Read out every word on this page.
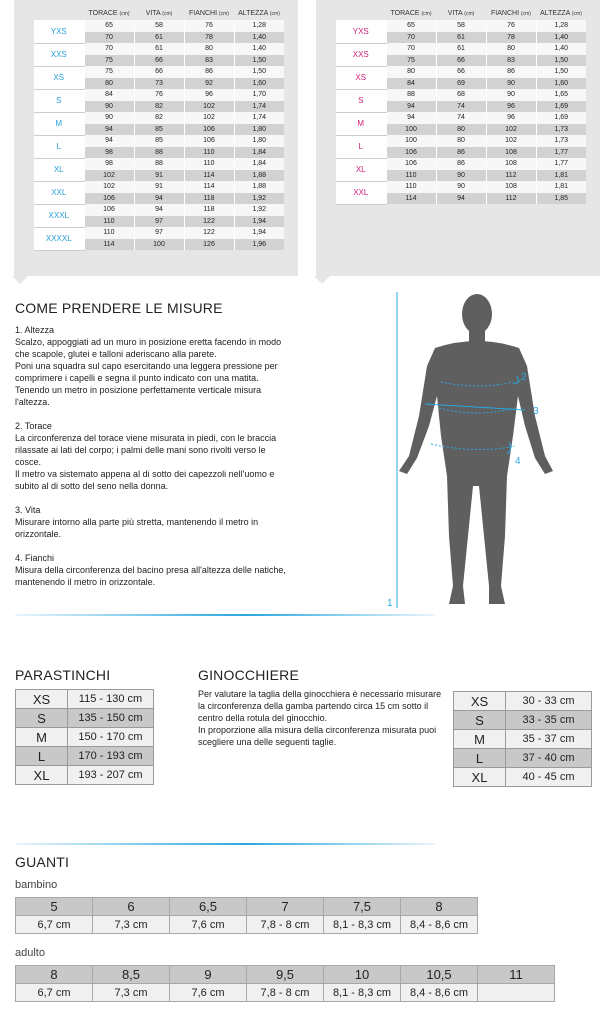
	TORACE (cm)	VITA (cm)	FIANCHI (cm)	ALTEZZA (cm)
YXS	65	58	76	1,28
	70	61	78	1,40
XXS	70	61	80	1,40
	75	66	83	1,50
XS	75	66	86	1,50
	80	73	92	1,60
S	84	76	96	1,70
	90	82	102	1,74
M	90	82	102	1,74
	94	85	106	1,80
L	94	85	106	1,80
	98	88	110	1,84
XL	98	88	110	1,84
	102	91	114	1,88
XXL	102	91	114	1,88
	106	94	118	1,92
XXXL	106	94	118	1,92
	110	97	122	1,94
XXXXL	110	97	122	1,94
	114	100	126	1,96
	TORACE (cm)	VITA (cm)	FIANCHI (cm)	ALTEZZA (cm)
YXS	65	58	76	1,28
	70	61	78	1,40
XXS	70	61	80	1,40
	75	66	83	1,50
XS	80	66	86	1,50
	84	69	90	1,60
S	88	68	90	1,65
	94	74	96	1,69
M	94	74	96	1,69
	100	80	102	1,73
L	100	80	102	1,73
	106	86	108	1,77
XL	106	86	108	1,77
	110	90	112	1,81
XXL	110	90	108	1,81
	114	94	112	1,85
COME PRENDERE LE MISURE

1. Altezza
Scalzo, appoggiati ad un muro in posizione eretta facendo in modo che scapole, glutei e talloni aderiscano alla parete.
Poni una squadra sul capo esercitando una leggera pressione per comprimere i capelli e segna il punto indicato con una matita.
Tenendo un metro in posizione perfettamente verticale misura l'altezza.

2. Torace
La circonferenza del torace viene misurata in piedi, con le braccia rilassate ai lati del corpo; i palmi delle mani sono rivolti verso le cosce.
Il metro va sistemato appena al di sotto dei capezzoli nell'uomo e subito al di sotto del seno nella donna.

3. Vita
Misurare intorno alla parte più stretta, mantenendo il metro in orizzontale.

4. Fianchi
Misura della circonferenza del bacino presa all'altezza delle natiche, mantenendo il metro in orizzontale.

1
2
3
4
PARASTINCHI
XS	115 - 130 cm
S	135 - 150 cm
M	150 - 170 cm
L	170 - 193 cm
XL	193 - 207 cm
GINOCCHIERE
Per valutare la taglia della ginocchiera è necessario misurare la circonferenza della gamba partendo circa 15 cm sotto il centro della rotula del ginocchio.
In proporzione alla misura della circonferenza misurata puoi scegliere una delle seguenti taglie.
XS	30 - 33 cm
S	33 - 35 cm
M	35 - 37 cm
L	37 - 40 cm
XL	40 - 45 cm
GUANTI
bambino
5	6	6,5	7	7,5	8
6,7 cm	7,3 cm	7,6 cm	7,8 - 8 cm	8,1 - 8,3 cm	8,4 - 8,6 cm
adulto
8	8,5	9	9,5	10	10,5	11
6,7 cm	7,3 cm	7,6 cm	7,8 - 8 cm	8,1 - 8,3 cm	8,4 - 8,6 cm	
